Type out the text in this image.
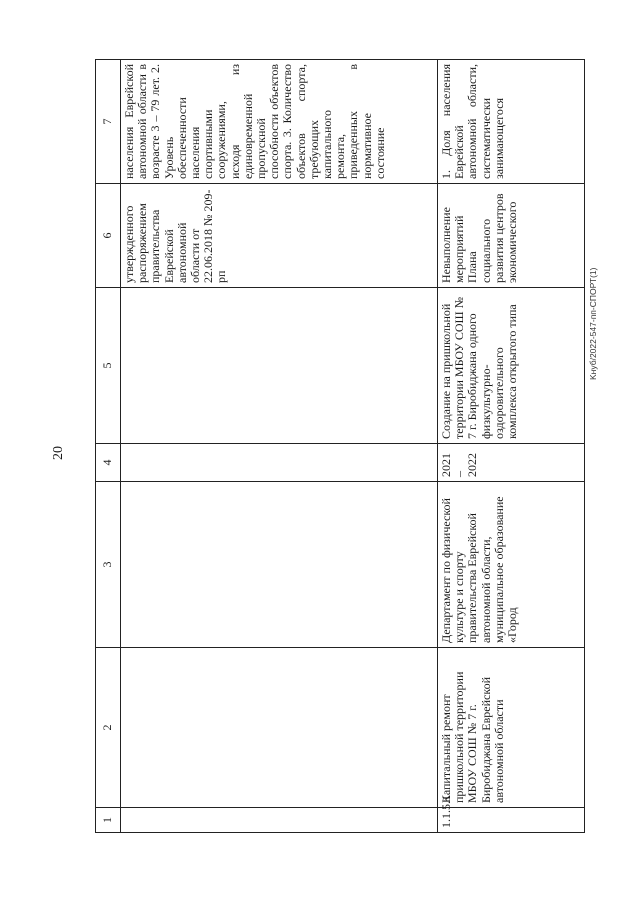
20
Kнуб/2022-547-пп-СПОРТ(1)
1	2	3	4	5	6	7
					утвержденного распоряжением правительства Еврейской автономной области от 22.06.2018 № 209-рп	населения Еврейской автономной области в возрасте 3 – 79 лет. 2. Уровень обеспеченности населения спортивными сооружениями, исходя из единовременной пропускной способности объектов спорта. 3. Количество объектов спорта, требующих капитального ремонта, приведенных в нормативное состояние
1.1.5.1	Капитальный ремонт пришкольной территории МБОУ СОШ № 7 г. Биробиджана Еврейской автономной области	Департамент по физической культуре и спорту правительства Еврейской автономной области, муниципальное образование «Город	2021 – 2022	Создание на пришкольной территории МБОУ СОШ № 7 г. Биробиджана одного физкультурно-оздоровительного комплекса открытого типа	Невыполнение мероприятий Плана социального развития центров экономического	1. Доля населения Еврейской автономной области, систематически занимающегося
